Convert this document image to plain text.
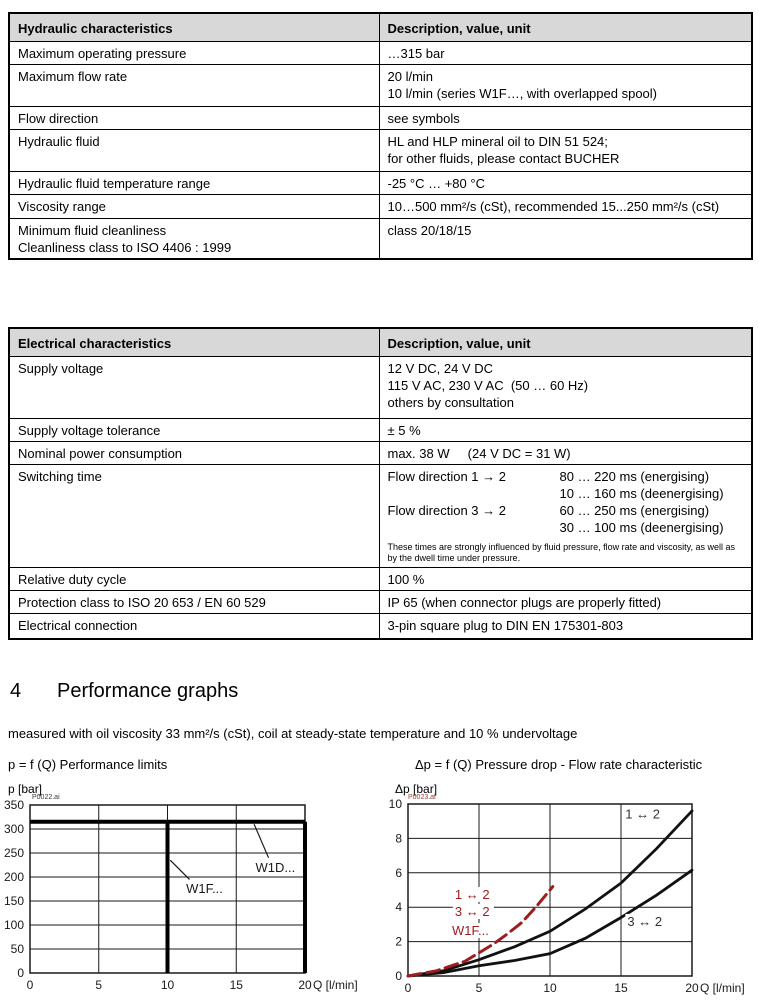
Hydraulic characteristics	Description, value, unit

Maximum operating pressure	…315 bar

Maximum flow rate	20 l/min
10 l/min (series W1F…, with overlapped spool)

Flow direction	see symbols

Hydraulic fluid	HL and HLP mineral oil to DIN 51 524;
for other fluids, please contact BUCHER

Hydraulic fluid temperature range	-25 °C … +80 °C

Viscosity range	10…500 mm²/s (cSt), recommended 15...250 mm²/s (cSt)

Minimum fluid cleanliness
Cleanliness class to ISO 4406 : 1999	class 20/18/15
Electrical characteristics	Description, value, unit

Supply voltage	12 V DC, 24 V DC
115 V AC, 230 V AC  (50 … 60 Hz)
others by consultation

Supply voltage tolerance	± 5 %

Nominal power consumption	max. 38 W     (24 V DC = 31 W)

Switching time	Flow direction 1 → 2	80 … 220 ms (energising)
10 … 160 ms (deenergising)
Flow direction 3 → 2	60 … 250 ms (energising)
30 … 100 ms (deenergising)
These times are strongly influenced by fluid pressure, flow rate and viscosity, as well as by the dwell time under pressure.

Relative duty cycle	100 %

Protection class to ISO 20 653 / EN 60 529	IP 65 (when connector plugs are properly fitted)

Electrical connection	3-pin square plug to DIN EN 175301-803
4 Performance graphs
measured with oil viscosity 33 mm²/s (cSt), coil at steady-state temperature and 10 % undervoltage
p = f (Q) Performance limits	Δp = f (Q) Pressure drop - Flow rate characteristic
p [bar]
P0022.ai
W1F...
W1D...
0
50
100
150
200
250
300
350
0	5	10	15	20 Q [l/min]
Δp [bar]
P0023.ai
1 ↔ 2
3 ↔ 2
1 ↔ 2
3 ↔ 2
W1F...
0
2
4
6
8
10
0	5	10	15	20 Q [l/min]
